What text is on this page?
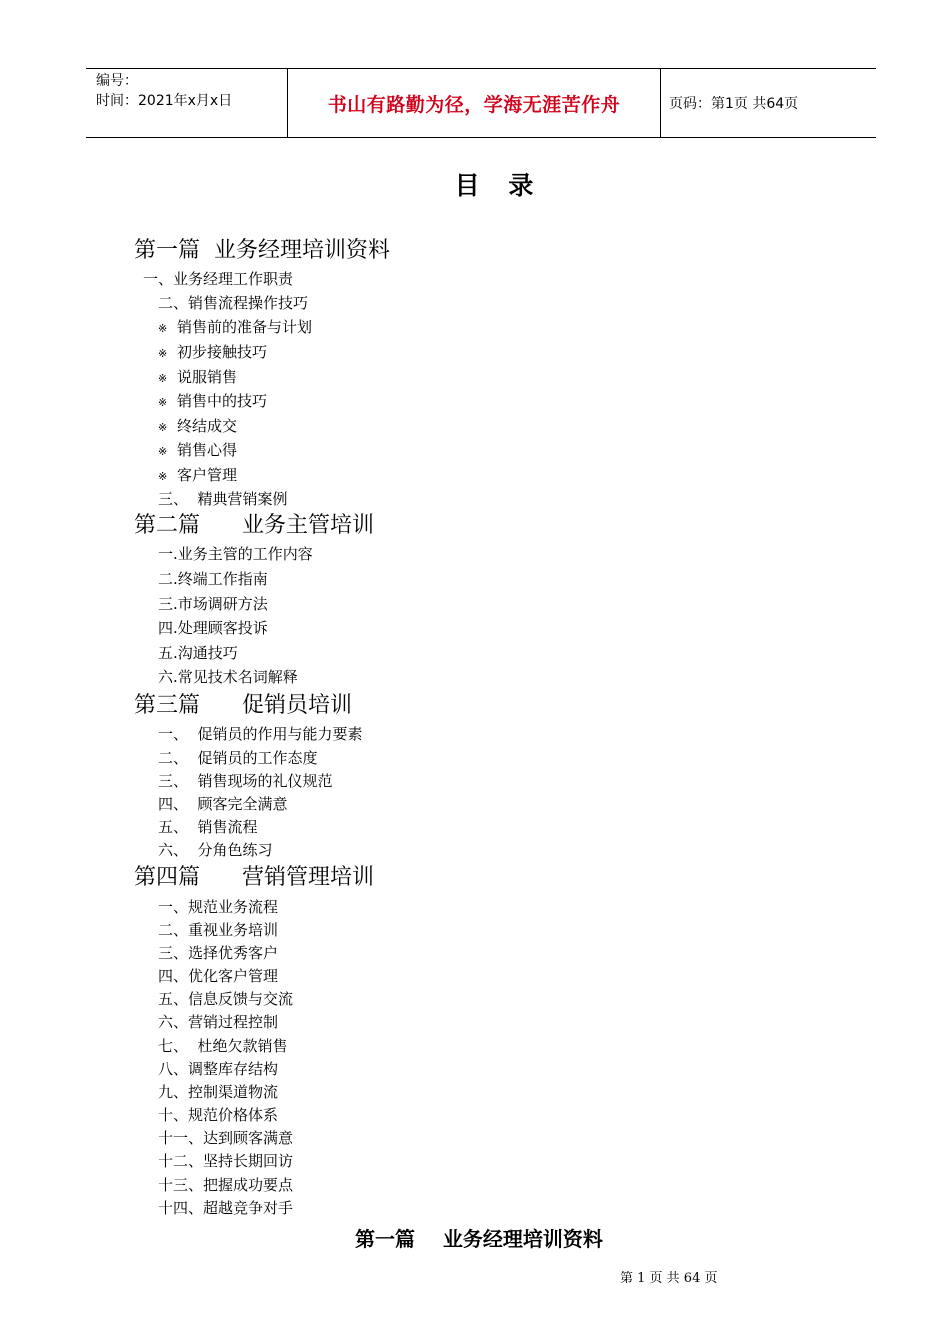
编号：
时间：2021年x月x日	书山有路勤为径，学海无涯苦作舟	页码：第1页 共64页
目 录
第一篇  业务经理培训资料
一、业务经理工作职责
二、销售流程操作技巧
※ 销售前的准备与计划
※ 初步接触技巧
※ 说服销售
※ 销售中的技巧
※ 终结成交
※ 销售心得
※ 客户管理
三、  精典营销案例
第二篇      业务主管培训
一.业务主管的工作内容
二.终端工作指南
三.市场调研方法
四.处理顾客投诉
五.沟通技巧
六.常见技术名词解释
第三篇      促销员培训
一、  促销员的作用与能力要素
二、  促销员的工作态度
三、  销售现场的礼仪规范
四、  顾客完全满意
五、  销售流程
六、  分角色练习
第四篇      营销管理培训
一、规范业务流程
二、重视业务培训
三、选择优秀客户
四、优化客户管理
五、信息反馈与交流
六、营销过程控制
七、  杜绝欠款销售
八、调整库存结构
九、控制渠道物流
十、规范价格体系
十一、达到顾客满意
十二、坚持长期回访
十三、把握成功要点
十四、超越竞争对手
第一篇    业务经理培训资料
第 1 页 共 64 页
